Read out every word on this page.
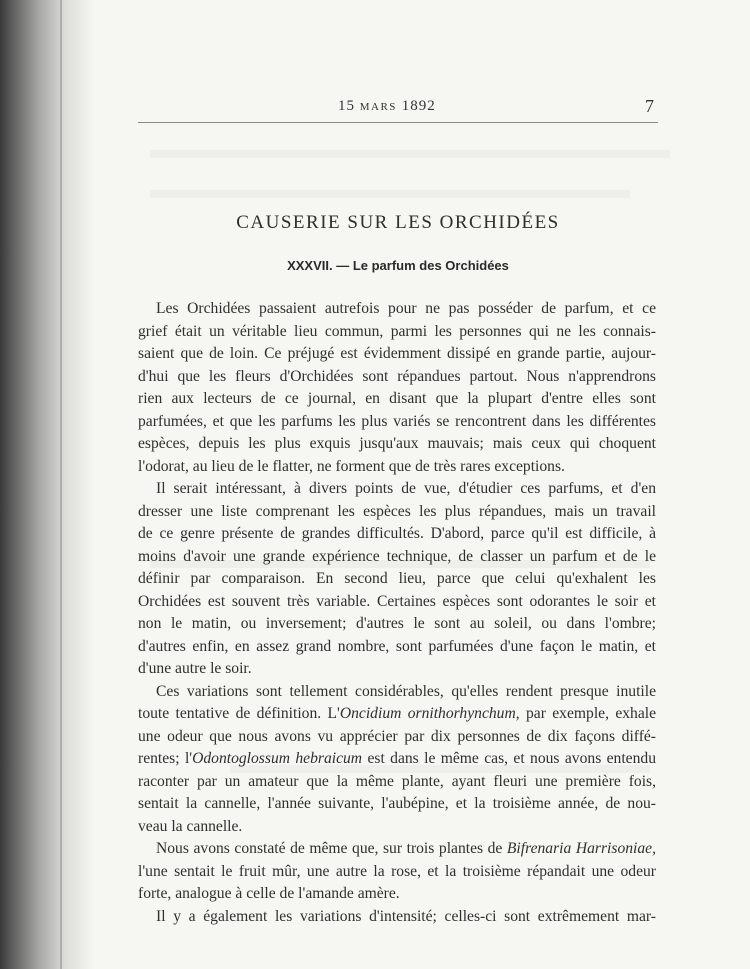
15 MARS 1892	7
CAUSERIE SUR LES ORCHIDÉES
XXXVII. — Le parfum des Orchidées
Les Orchidées passaient autrefois pour ne pas posséder de parfum, et ce
grief était un véritable lieu commun, parmi les personnes qui ne les connais-
saient que de loin. Ce préjugé est évidemment dissipé en grande partie, aujour-
d'hui que les fleurs d'Orchidées sont répandues partout. Nous n'apprendrons
rien aux lecteurs de ce journal, en disant que la plupart d'entre elles sont
parfumées, et que les parfums les plus variés se rencontrent dans les différentes
espèces, depuis les plus exquis jusqu'aux mauvais; mais ceux qui choquent
l'odorat, au lieu de le flatter, ne forment que de très rares exceptions.
Il serait intéressant, à divers points de vue, d'étudier ces parfums, et d'en
dresser une liste comprenant les espèces les plus répandues, mais un travail
de ce genre présente de grandes difficultés. D'abord, parce qu'il est difficile, à
moins d'avoir une grande expérience technique, de classer un parfum et de le
définir par comparaison. En second lieu, parce que celui qu'exhalent les
Orchidées est souvent très variable. Certaines espèces sont odorantes le soir et
non le matin, ou inversement; d'autres le sont au soleil, ou dans l'ombre;
d'autres enfin, en assez grand nombre, sont parfumées d'une façon le matin, et
d'une autre le soir.
Ces variations sont tellement considérables, qu'elles rendent presque inutile
toute tentative de définition. L'Oncidium ornithorhynchum, par exemple, exhale
une odeur que nous avons vu apprécier par dix personnes de dix façons diffé-
rentes; l'Odontoglossum hebraicum est dans le même cas, et nous avons entendu
raconter par un amateur que la même plante, ayant fleuri une première fois,
sentait la cannelle, l'année suivante, l'aubépine, et la troisième année, de nou-
veau la cannelle.
Nous avons constaté de même que, sur trois plantes de Bifrenaria Harrisoniae,
l'une sentait le fruit mûr, une autre la rose, et la troisième répandait une odeur
forte, analogue à celle de l'amande amère.
Il y a également les variations d'intensité; celles-ci sont extrêmement mar-
